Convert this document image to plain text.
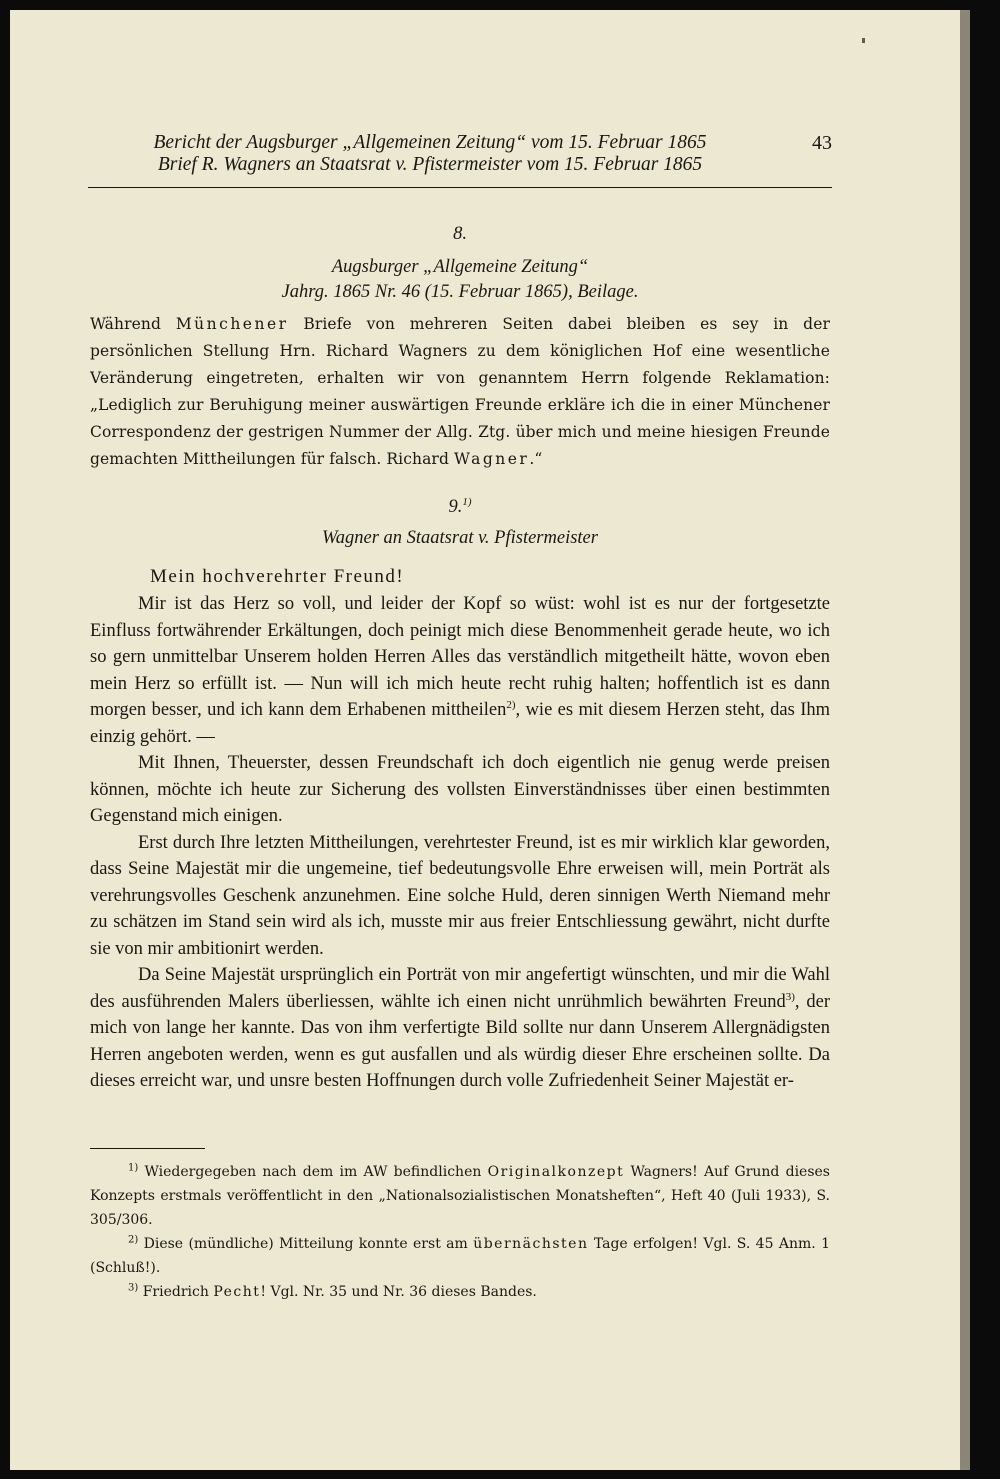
Bericht der Augsburger „Allgemeinen Zeitung“ vom 15. Februar 1865
Brief R. Wagners an Staatsrat v. Pfistermeister vom 15. Februar 1865
43
8.
Augsburger „Allgemeine Zeitung“
Jahrg. 1865 Nr. 46 (15. Februar 1865), Beilage.

Während Münchener Briefe von mehreren Seiten dabei bleiben es sey in der persönlichen Stellung Hrn. Richard Wagners zu dem königlichen Hof eine wesentliche Veränderung eingetreten, erhalten wir von genanntem Herrn folgende Reklamation: „Lediglich zur Beruhigung meiner auswärtigen Freunde erkläre ich die in einer Münchener Correspondenz der gestrigen Nummer der Allg. Ztg. über mich und meine hiesigen Freunde gemachten Mittheilungen für falsch. Richard Wagner.“

9.$^{1)}$
Wagner an Staatsrat v. Pfistermeister
Mein hochverehrter Freund!

Mir ist das Herz so voll, und leider der Kopf so wüst: wohl ist es nur der fortgesetzte Einfluss fortwährender Erkältungen, doch peinigt mich diese Benommenheit gerade heute, wo ich so gern unmittelbar Unserem holden Herren Alles das verständlich mitgetheilt hätte, wovon eben mein Herz so erfüllt ist. — Nun will ich mich heute recht ruhig halten; hoffentlich ist es dann morgen besser, und ich kann dem Erhabenen mittheilen$^{2)}$, wie es mit diesem Herzen steht, das Ihm einzig gehört. —

Mit Ihnen, Theuerster, dessen Freundschaft ich doch eigentlich nie genug werde preisen können, möchte ich heute zur Sicherung des vollsten Einverständnisses über einen bestimmten Gegenstand mich einigen.

Erst durch Ihre letzten Mittheilungen, verehrtester Freund, ist es mir wirklich klar geworden, dass Seine Majestät mir die ungemeine, tief bedeutungsvolle Ehre erweisen will, mein Porträt als verehrungsvolles Geschenk anzunehmen. Eine solche Huld, deren sinnigen Werth Niemand mehr zu schätzen im Stand sein wird als ich, musste mir aus freier Entschliessung gewährt, nicht durfte sie von mir ambitionirt werden.

Da Seine Majestät ursprünglich ein Porträt von mir angefertigt wünschten, und mir die Wahl des ausführenden Malers überliessen, wählte ich einen nicht unrühmlich bewährten Freund$^{3)}$, der mich von lange her kannte. Das von ihm verfertigte Bild sollte nur dann Unserem Allergnädigsten Herren angeboten werden, wenn es gut ausfallen und als würdig dieser Ehre erscheinen sollte. Da dieses erreicht war, und unsre besten Hoffnungen durch volle Zufriedenheit Seiner Majestät er-

$^{1)}$ Wiedergegeben nach dem im AW befindlichen Originalkonzept Wagners! Auf Grund dieses Konzepts erstmals veröffentlicht in den „Nationalsozialistischen Monatsheften“, Heft 40 (Juli 1933), S. 305/306.

$^{2)}$ Diese (mündliche) Mitteilung konnte erst am übernächsten Tage erfolgen! Vgl. S. 45 Anm. 1 (Schluß!).

$^{3)}$ Friedrich Pecht! Vgl. Nr. 35 und Nr. 36 dieses Bandes.
